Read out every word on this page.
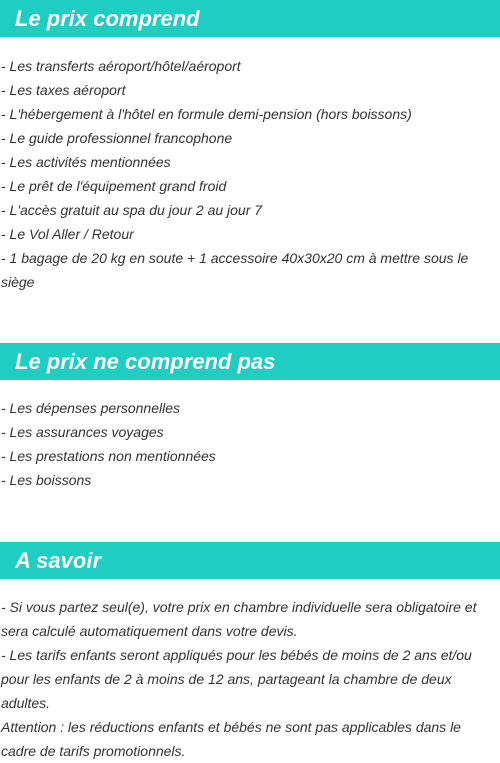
Le prix comprend
- Les transferts aéroport/hôtel/aéroport
- Les taxes aéroport
- L'hébergement à l'hôtel en formule demi-pension (hors boissons)
- Le guide professionnel francophone
- Les activités mentionnées
- Le prêt de l'équipement grand froid
- L'accès gratuit au spa du jour 2 au jour 7
- Le Vol Aller / Retour
- 1 bagage de 20 kg en soute + 1 accessoire 40x30x20 cm à mettre sous le siège
Le prix ne comprend pas
- Les dépenses personnelles
- Les assurances voyages
- Les prestations non mentionnées
- Les boissons
A savoir
- Si vous partez seul(e), votre prix en chambre individuelle sera obligatoire et sera calculé automatiquement dans votre devis.
- Les tarifs enfants seront appliqués pour les bébés de moins de 2 ans et/ou pour les enfants de 2 à moins de 12 ans, partageant la chambre de deux adultes.
Attention : les réductions enfants et bébés ne sont pas applicables dans le cadre de tarifs promotionnels.
